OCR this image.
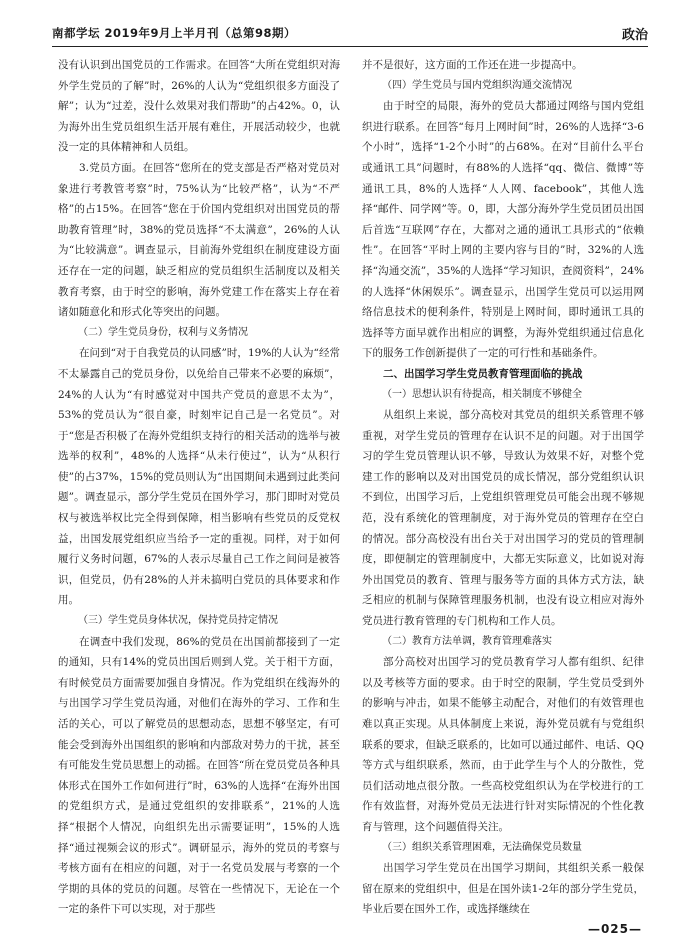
南都学坛 2019年9月上半月刊（总第98期）	政治

没有认识到出国党员的工作需求。在回答“大所在党组织对海外学生党员的了解”时，26%的人认为“党组织很多方面没了解”；认为“过差，没什么效果对我们帮助”的占42%。0，认为海外出生党员组织生活开展有难住，开展活动较少，也就没一定的具体精神和人员组。

3.党员方面。在回答“您所在的党支部是否严格对党员对象进行考教管考察”时，75%认为“比较严格”，认为“不严格”的占15%。在回答“您在于价国内党组织对出国党员的帮助教育管理”时，38%的党员选择“不太满意”，26%的人认为“比较满意”。调查显示，目前海外党组织在制度建设方面还存在一定的问题，缺乏相应的党员组织生活制度以及相关教育考察，由于时空的影响，海外党建工作在落实上存在着诸如随意化和形式化等突出的问题。

（二）学生党员身份，权利与义务情况

在问到“对于自我党员的认同感”时，19%的人认为“经常不太暴露自己的党员身份，以免给自己带来不必要的麻烦”，24%的人认为“有时感觉对中国共产党员的意思不太为”，53%的党员认为“很自豪，时刻牢记自己是一名党员”。对于“您是否积极了在海外党组织支持行的相关活动的选举与被选举的权利”，48%的人选择“从未行使过”，认为“从积行使”的占37%，15%的党员则认为“出国期间未遇到过此类问题”。调查显示，部分学生党员在国外学习，那门即时对党员权与被选举权比完全得到保障，相当影响有些党员的反党权益，出国发展党组织应当给予一定的重视。同样，对于如何履行义务时问题，67%的人表示尽量自己工作之间问是被答识，但党员，仍有28%的人并未搞明白党员的具体要求和作用。

（三）学生党员身体状况，保持党员持定情况

在调查中我们发现，86%的党员在出国前都接到了一定的通知，只有14%的党员出国后则到人党。关于相干方面，有时候党员方面需要加强自身情况。作为党组织在线海外的与出国学习学生党员沟通，对他们在海外的学习、工作和生活的关心，可以了解党员的思想动态，思想不够坚定，有可能会受到海外出国组织的影响和内部敌对势力的干扰，甚至有可能发生党员思想上的动摇。在回答“所在党员党员各种具体形式在国外工作如何进行”时，63%的人选择“在海外出国的党组织方式，是通过党组织的安排联系”，21%的人选择“根据个人情况，向组织先出示需要证明”，15%的人选择“通过视频会议的形式”。调研显示，海外的党员的考察与考核方面有在相应的问题，对于一名党员发展与考察的一个学期的具体的党员的问题。尽管在一些情况下，无论在一个一定的条件下可以实现，对于那些

并不是很好，这方面的工作还在进一步提高中。

（四）学生党员与国内党组织沟通交流情况

由于时空的局限，海外的党员大都通过网络与国内党组织进行联系。在回答“每月上网时间”时，26%的人选择“3-6个小时”，选择“1-2个小时”的占68%。在对“目前什么平台或通讯工具”问题时，有88%的人选择“qq、微信、微博”等通讯工具，8%的人选择“人人网、facebook”，其他人选择“邮件、同学网”等。0，即，大部分海外学生党员团员出国后首选“互联网”存在，大都对之通的通讯工具形式的“依赖性”。在回答“平时上网的主要内容与目的”时，32%的人选择“沟通交流”，35%的人选择“学习知识，查阅资料”，24%的人选择“休闲娱乐”。调查显示，出国学生党员可以运用网络信息技术的便利条件，特别是上网时间，即时通讯工具的选择等方面早就作出相应的调整，为海外党组织通过信息化下的服务工作创新提供了一定的可行性和基础条件。

二、出国学习学生党员教育管理面临的挑战
（一）思想认识有待提高，相关制度不够健全

从组织上来说，部分高校对其党员的组织关系管理不够重视，对学生党员的管理存在认识不足的问题。对于出国学习的学生党员管理认识不够，导致认为效果不好，对整个党建工作的影响以及对出国党员的成长情况，部分党组织认识不到位，出国学习后，上党组织管理党员可能会出现不够规范，没有系统化的管理制度，对于海外党员的管理存在空白的情况。部分高校没有出台关于对出国学习的党员的管理制度，即便制定的管理制度中，大都无实际意义，比如说对海外出国党员的教育、管理与服务等方面的具体方式方法，缺乏相应的机制与保障管理服务机制，也没有设立相应对海外党员进行教育管理的专门机构和工作人员。

（二）教育方法单调，教育管理难落实

部分高校对出国学习的党员教育学习人都有组织、纪律以及考核等方面的要求。由于时空的限制，学生党员受到外的影响与冲击，如果不能够主动配合，对他们的有效管理也难以真正实现。从具体制度上来说，海外党员就有与党组织联系的要求，但缺乏联系的，比如可以通过邮件、电话、QQ等方式与组织联系，然而，由于此学生与个人的分散性，党员们活动地点很分散。一些高校党组织认为在学校进行的工作有效监督，对海外党员无法进行针对实际情况的个性化教育与管理，这个问题值得关注。

（三）组织关系管理困难，无法确保党员数量

出国学习学生党员在出国学习期间，其组织关系一般保留在原来的党组织中，但是在国外读1-2年的部分学生党员，毕业后要在国外工作，或选择继续在

—025—
